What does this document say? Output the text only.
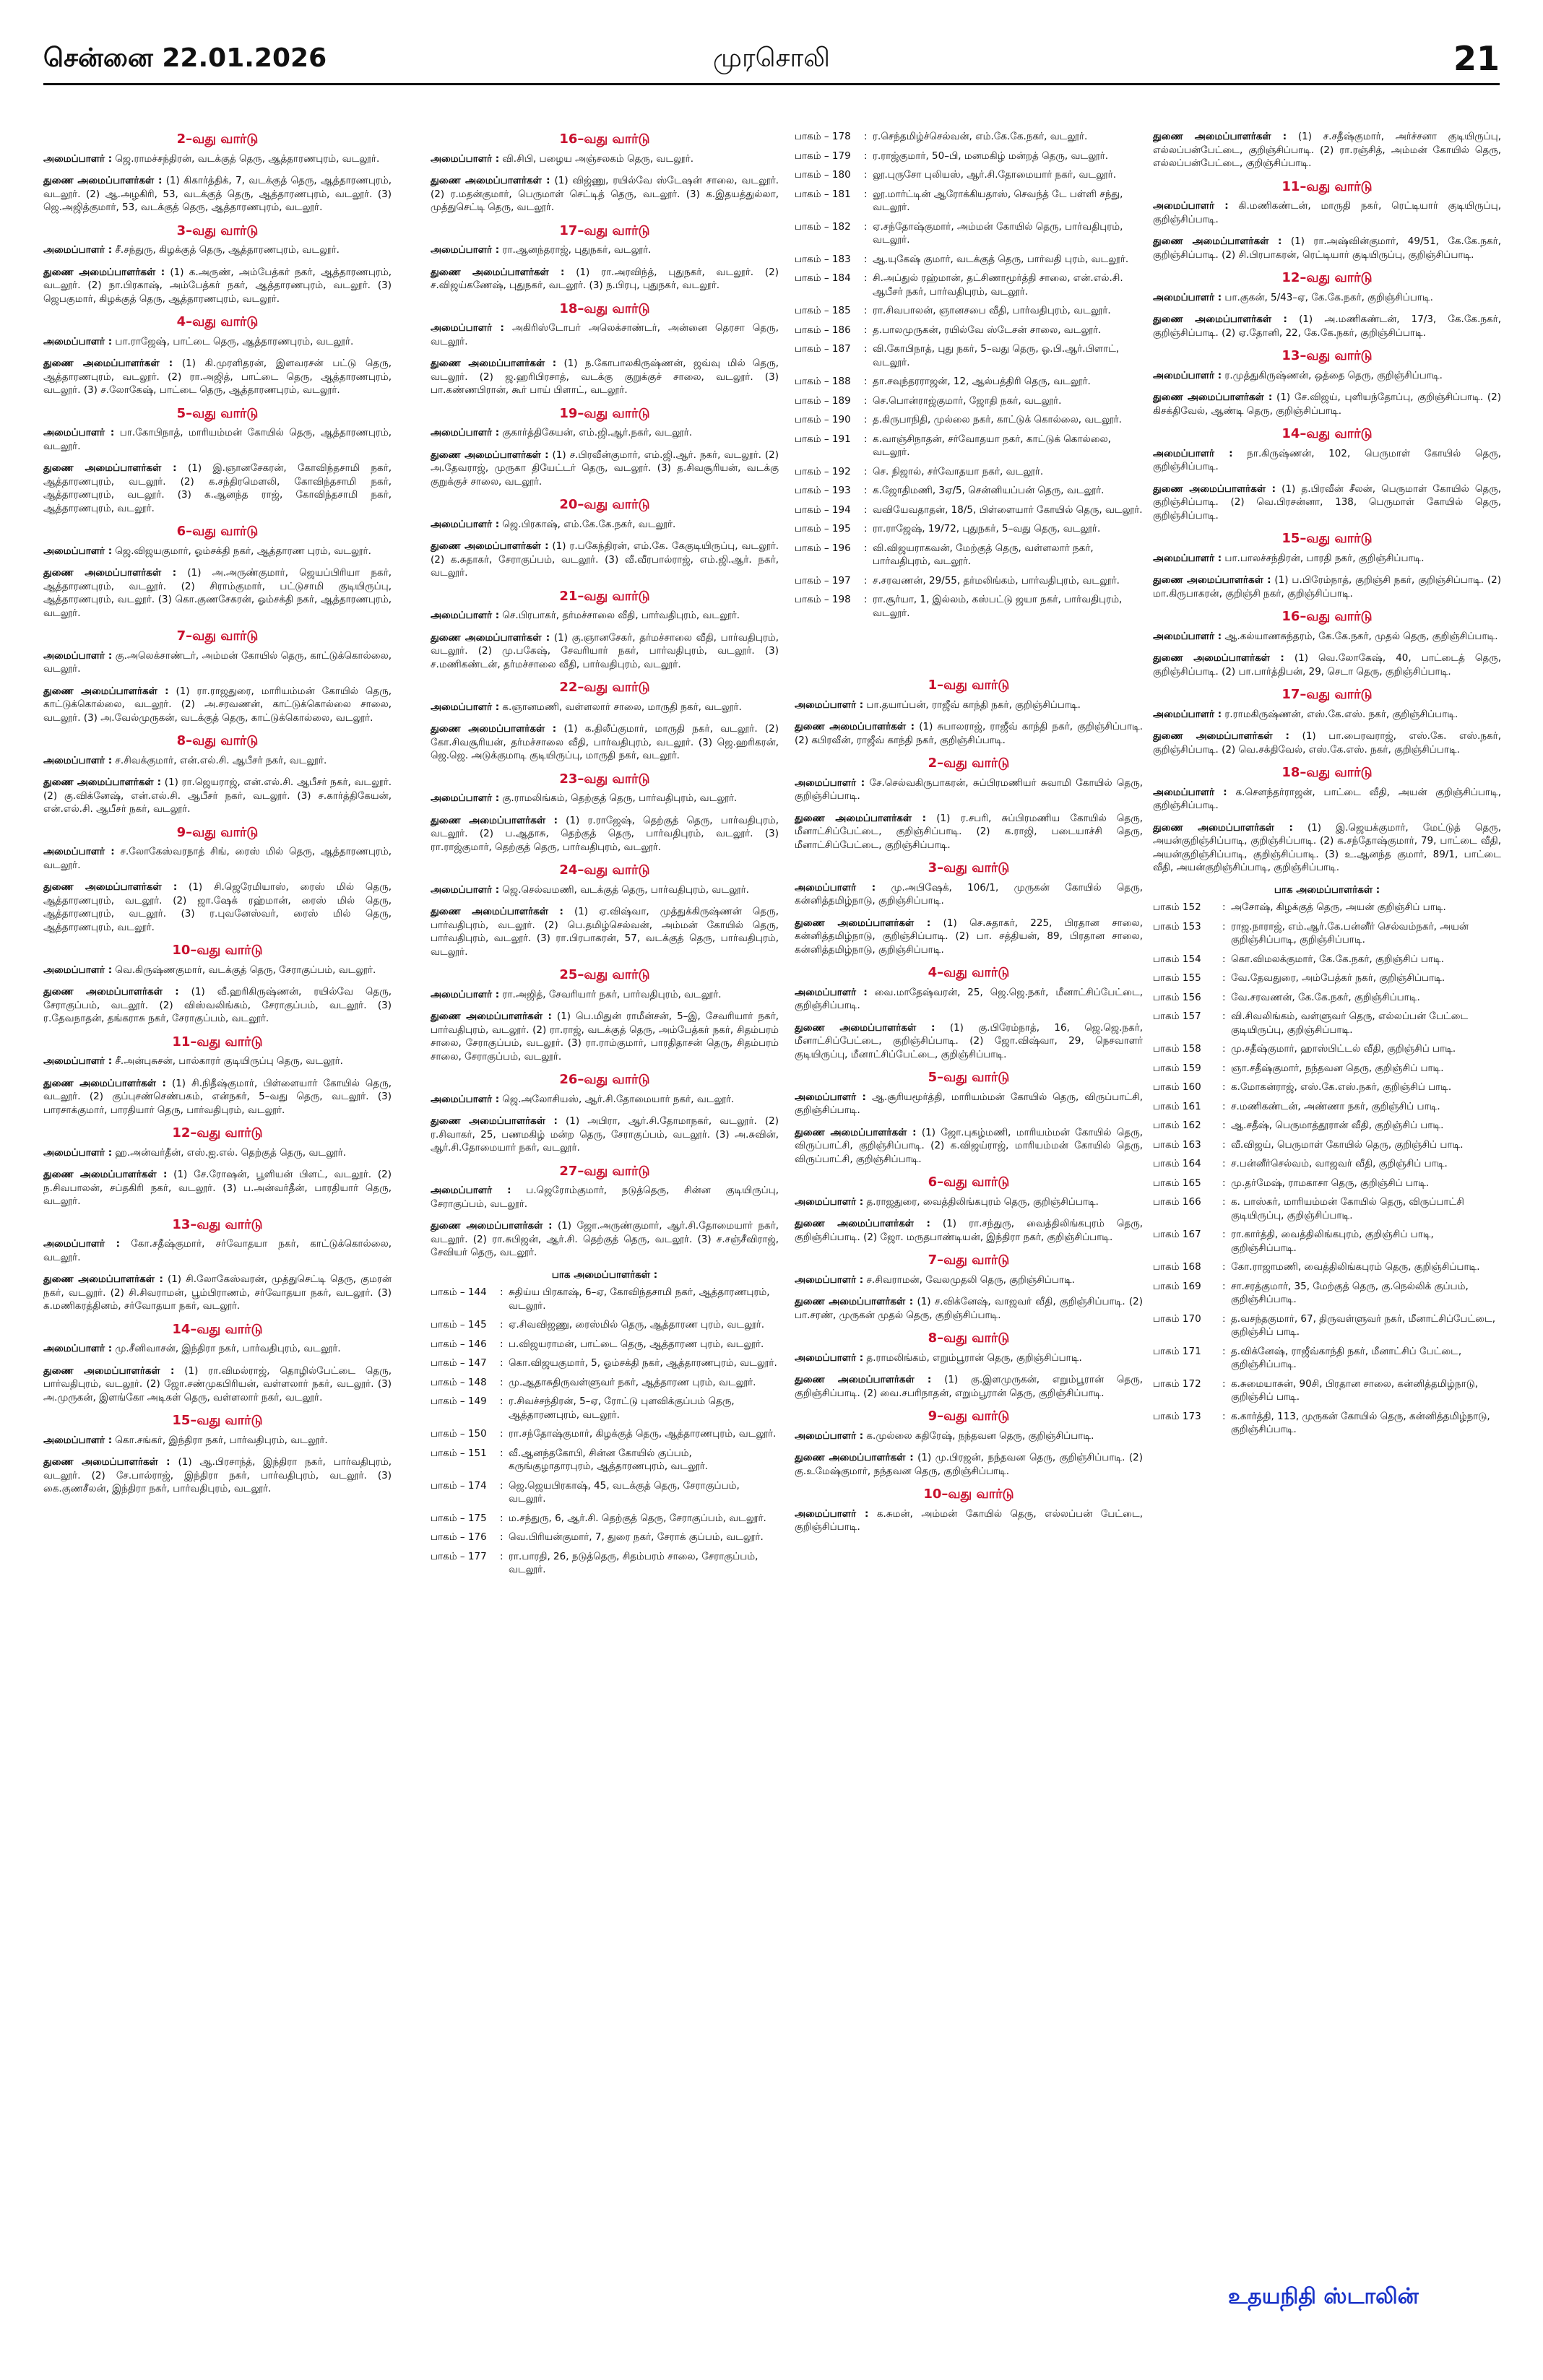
சென்னை 22.01.2026	முரசொலி	21
2–வது வார்டு
அமைப்பாளர் : ஜெ.ராமச்சந்திரன், வடக்குத் தெரு, ஆத்தாரணபுரம், வடலூர்.
துணை அமைப்பாளர்கள் : (1) கிகார்த்திக், 7, வடக்குத் தெரு, ஆத்தாரணபுரம், வடலூர். (2) ஆ.அழகிரி, 53, வடக்குத் தெரு, ஆத்தாரணபுரம், வடலூர். (3) ஜெ.அஜித்குமார், 53, வடக்குத் தெரு, ஆத்தாரணபுரம், வடலூர்.
3–வது வார்டு
அமைப்பாளர் : சீ.சந்துரு, கிழக்குத் தெரு, ஆத்தாரணபுரம், வடலூர்.
துணை அமைப்பாளர்கள் : (1) க.அருண், அம்பேத்கர் நகர், ஆத்தாரணபுரம், வடலூர். (2) நா.பிரகாஷ், அம்பேத்கர் நகர், ஆத்தாரணபுரம், வடலூர். (3) ஜெபகுமார், கிழக்குத் தெரு, ஆத்தாரணபுரம், வடலூர்.
4–வது வார்டு
அமைப்பாளர் : பா.ராஜேஷ், பாட்டை தெரு, ஆத்தாரணபுரம், வடலூர்.
துணை அமைப்பாளர்கள் : (1) கி.முரளிதரன், இளவரசன் பட்டு தெரு, ஆத்தாரணபுரம், வடலூர். (2) ரா.அஜித், பாட்டை தெரு, ஆத்தாரணபுரம், வடலூர். (3) ச.லோகேஷ், பாட்டை தெரு, ஆத்தாரணபுரம், வடலூர்.
5–வது வார்டு
அமைப்பாளர் : பா.கோபிநாத், மாரியம்மன் கோயில் தெரு, ஆத்தாரணபுரம், வடலூர்.
துணை அமைப்பாளர்கள் : (1) இ.ஞானசேகரன், கோவிந்தசாமி நகர், ஆத்தாரணபுரம், வடலூர். (2) க.சந்திரமௌலி, கோவிந்தசாமி நகர், ஆத்தாரணபுரம், வடலூர். (3) க.ஆனந்த ராஜ், கோவிந்தசாமி நகர், ஆத்தாரணபுரம், வடலூர்.
6–வது வார்டு
அமைப்பாளர் : ஜெ.விஜயகுமார், ஓம்சக்தி நகர், ஆத்தாரண புரம், வடலூர்.
துணை அமைப்பாளர்கள் : (1) அ.அருண்குமார், ஜெயப்பிரியா நகர், ஆத்தாரணபுரம், வடலூர். (2) சிராம்குமார், பட்டுசாமி குடியிருப்பு, ஆத்தாரணபுரம், வடலூர். (3) கொ.குணசேகரன், ஓம்சக்தி நகர், ஆத்தாரணபுரம், வடலூர்.
7–வது வார்டு
அமைப்பாளர் : கு.அலெக்சாண்டர், அம்மன் கோயில் தெரு, காட்டுக்கொல்லை, வடலூர்.
துணை அமைப்பாளர்கள் : (1) ரா.ராஜதுரை, மாரியம்மன் கோயில் தெரு, காட்டுக்கொல்லை, வடலூர். (2) அ.சரவணன், காட்டுக்கொல்லை சாலை, வடலூர். (3) அ.வேல்முருகன், வடக்குத் தெரு, காட்டுக்கொல்லை, வடலூர்.
8–வது வார்டு
அமைப்பாளர் : ச.சிவக்குமார், என்.எல்.சி. ஆபீசர் நகர், வடலூர்.
துணை அமைப்பாளர்கள் : (1) ரா.ஜெயராஜ், என்.எல்.சி. ஆபீசர் நகர், வடலூர். (2) கு.விக்னேஷ், என்.எல்.சி. ஆபீசர் நகர், வடலூர். (3) ச.கார்த்திகேயன், என்.எல்.சி. ஆபீசர் நகர், வடலூர்.
9–வது வார்டு
அமைப்பாளர் : ச.லோகேஸ்வரநாத் சிங், ரைஸ் மில் தெரு, ஆத்தாரணபுரம், வடலூர்.
துணை அமைப்பாளர்கள் : (1) சி.ஜெரேமியாஸ், ரைஸ் மில் தெரு, ஆத்தாரணபுரம், வடலூர். (2) ஜா.ஷேக் ரஹ்மான், ரைஸ் மில் தெரு, ஆத்தாரணபுரம், வடலூர். (3) ர.புவனேஸ்வர், ரைஸ் மில் தெரு, ஆத்தாரணபுரம், வடலூர்.
10–வது வார்டு
அமைப்பாளர் : வெ.கிருஷ்ணகுமார், வடக்குத் தெரு, சேராகுப்பம், வடலூர்.
துணை அமைப்பாளர்கள் : (1) வீ.ஹரிகிருஷ்ணன், ரயில்வே தெரு, சேராகுப்பம், வடலூர். (2) விஸ்வலிங்கம், சேராகுப்பம், வடலூர். (3) ர.தேவநாதன், தங்கராசு நகர், சேராகுப்பம், வடலூர்.
11–வது வார்டு
அமைப்பாளர் : சீ.அன்புசுசன், பால்காரர் குடியிருப்பு தெரு, வடலூர்.
துணை அமைப்பாளர்கள் : (1) சி.நிதீஷ்குமார், பிள்ளையார் கோயில் தெரு, வடலூர். (2) குப்புசண்செண்பகம், என்நகர், 5–வது தெரு, வடலூர். (3) பாரசாக்குமார், பாரதியார் தெரு, பார்வதிபுரம், வடலூர்.
12–வது வார்டு
அமைப்பாளர் : ஹ.அன்வர்தீன், எஸ்.ஐ.எல். தெற்குத் தெரு, வடலூர்.
துணை அமைப்பாளர்கள் : (1) சே.ரோஷன், பூளியன் பிளட், வடலூர். (2) ந.சிவபாலன், சப்தகிரி நகர், வடலூர். (3) ப.அன்வர்தீன், பாரதியார் தெரு, வடலூர்.
13–வது வார்டு
அமைப்பாளர் : கோ.சதீஷ்குமார், சர்வோதயா நகர், காட்டுக்கொல்லை, வடலூர்.
துணை அமைப்பாளர்கள் : (1) சி.லோகேஸ்வரன், முத்துசெட்டி தெரு, குமரன் நகர், வடலூர். (2) சி.சிவராமன், பூம்பிராணம், சர்வோதயா நகர், வடலூர். (3) க.மணிகரத்தினம், சர்வோதயா நகர், வடலூர்.
14–வது வார்டு
அமைப்பாளர் : மு.சீனிவாசன், இந்திரா நகர், பார்வதிபுரம், வடலூர்.
துணை அமைப்பாளர்கள் : (1) ரா.விமல்ராஜ், தொழில்பேட்டை தெரு, பார்வதிபுரம், வடலூர். (2) ஜோ.சண்முகபிரியன், வள்ளலார் நகர், வடலூர். (3) அ.முருகன், இளங்கோ அடிகள் தெரு, வள்ளலார் நகர், வடலூர்.
15–வது வார்டு
அமைப்பாளர் : கொ.சங்கர், இந்திரா நகர், பார்வதிபுரம், வடலூர்.
துணை அமைப்பாளர்கள் : (1) ஆ.பிரசாந்த், இந்திரா நகர், பார்வதிபுரம், வடலூர். (2) சே.பால்ராஜ், இந்திரா நகர், பார்வதிபுரம், வடலூர். (3) கை.குணசீலன், இந்திரா நகர், பார்வதிபுரம், வடலூர்.
16–வது வார்டு
அமைப்பாளர் : வி.சிபி, பழைய அஞ்சலகம் தெரு, வடலூர்.
துணை அமைப்பாளர்கள் : (1) விஜ்ணு, ரயில்வே ஸ்டேஷன் சாலை, வடலூர். (2) ர.மதன்குமார், பெருமாள் செட்டித் தெரு, வடலூர். (3) க.இதயத்துல்லா, முத்துசெட்டி தெரு, வடலூர்.
17–வது வார்டு
அமைப்பாளர் : ரா.ஆனந்தராஜ், புதுநகர், வடலூர்.
துணை அமைப்பாளர்கள் : (1) ரா.அரவிந்த், புதுநகர், வடலூர். (2) ச.விஜய்கணேஷ், புதுநகர், வடலூர். (3) ந.பிரபு, புதுநகர், வடலூர்.
18–வது வார்டு
அமைப்பாளர் : அகிரிஸ்டோபர் அலெக்சாண்டர், அன்னை தெரசா தெரு, வடலூர்.
துணை அமைப்பாளர்கள் : (1) ந.கோபாலகிருஷ்ணன், ஜவ்வு மில் தெரு, வடலூர். (2) ஜ.ஹரிபிரசாத், வடக்கு குறுக்குச் சாலை, வடலூர். (3) பா.கண்ணபிரான், கூர் பாய் பிளாட், வடலூர்.
19–வது வார்டு
அமைப்பாளர் : குகார்த்திகேயன், எம்.ஜி.ஆர்.நகர், வடலூர்.
துணை அமைப்பாளர்கள் : (1) ச.பிரவீன்குமார், எம்.ஜி.ஆர். நகர், வடலூர். (2) அ.தேவராஜ், முருகா தியேட்டர் தெரு, வடலூர். (3) த.சிவசூரியன், வடக்கு குறுக்குச் சாலை, வடலூர்.
20–வது வார்டு
அமைப்பாளர் : ஜெ.பிரகாஷ், எம்.கே.கே.நகர், வடலூர்.
துணை அமைப்பாளர்கள் : (1) ர.பகேந்திரன், எம்.கே. கேகுடியிருப்பு, வடலூர். (2) க.சுதாகர், சேராகுப்பம், வடலூர். (3) வீ.வீரபால்ராஜ், எம்.ஜி.ஆர். நகர், வடலூர்.
21–வது வார்டு
அமைப்பாளர் : செ.பிரபாகர், தர்மச்சாலை வீதி, பார்வதிபுரம், வடலூர்.
துணை அமைப்பாளர்கள் : (1) கு.ஞானசேகர், தர்மச்சாலை வீதி, பார்வதிபுரம், வடலூர். (2) மு.பகேஷ், சேவரியார் நகர், பார்வதிபுரம், வடலூர். (3) ச.மணிகண்டன், தர்மச்சாலை வீதி, பார்வதிபுரம், வடலூர்.
22–வது வார்டு
அமைப்பாளர் : க.ஞானமணி, வள்ளலார் சாலை, மாருதி நகர், வடலூர்.
துணை அமைப்பாளர்கள் : (1) க.திலீப்குமார், மாருதி நகர், வடலூர். (2) கோ.சிவசூரியன், தர்மச்சாலை வீதி, பார்வதிபுரம், வடலூர். (3) ஜெ.ஹரிகரன், ஜெ.ஜெ. அடுக்குமாடி குடியிருப்பு, மாருதி நகர், வடலூர்.
23–வது வார்டு
அமைப்பாளர் : கு.ராமலிங்கம், தெற்குத் தெரு, பார்வதிபுரம், வடலூர்.
துணை அமைப்பாளர்கள் : (1) ர.ராஜேஷ், தெற்குத் தெரு, பார்வதிபுரம், வடலூர். (2) ப.ஆதாசு, தெற்குத் தெரு, பார்வதிபுரம், வடலூர். (3) ரா.ராஜ்குமார், தெற்குத் தெரு, பார்வதிபுரம், வடலூர்.
24–வது வார்டு
அமைப்பாளர் : ஜெ.செல்வமணி, வடக்குத் தெரு, பார்வதிபுரம், வடலூர்.
துணை அமைப்பாளர்கள் : (1) ஏ.விஷ்வா, முத்துக்கிருஷ்ணன் தெரு, பார்வதிபுரம், வடலூர். (2) பெ.தமிழ்செல்வன், அம்மன் கோயில் தெரு, பார்வதிபுரம், வடலூர். (3) ரா.பிரபாகரன், 57, வடக்குத் தெரு, பார்வதிபுரம், வடலூர்.
25–வது வார்டு
அமைப்பாளர் : ரா.அஜித், சேவரியார் நகர், பார்வதிபுரம், வடலூர்.
துணை அமைப்பாளர்கள் : (1) பெ.மிதுன் ராமீன்சன், 5–இ, சேவரியார் நகர், பார்வதிபுரம், வடலூர். (2) ரா.ராஜ், வடக்குத் தெரு, அம்பேத்கர் நகர், சிதம்பரம் சாலை, சேராகுப்பம், வடலூர். (3) ரா.ராம்குமார், பாரதிதாசன் தெரு, சிதம்பரம் சாலை, சேராகுப்பம், வடலூர்.
26–வது வார்டு
அமைப்பாளர் : ஜெ.அலோசியஸ், ஆர்.சி.தோமையார் நகர், வடலூர்.
துணை அமைப்பாளர்கள் : (1) அபிரா, ஆர்.சி.தோமாநகர், வடலூர். (2) ர.சிவாகர், 25, பணமகிழ் மன்ற தெரு, சேராகுப்பம், வடலூர். (3) அ.சுவின், ஆர்.சி.தோமையார் நகர், வடலூர்.
27–வது வார்டு
அமைப்பாளர் : ப.ஜெரோம்குமார், நடுத்தெரு, சின்ன குடியிருப்பு, சேராகுப்பம், வடலூர்.
துணை அமைப்பாளர்கள் : (1) ஜோ.அருண்குமார், ஆர்.சி.தோமையார் நகர், வடலூர். (2) ரா.சுபிஜன், ஆர்.சி. தெற்குத் தெரு, வடலூர். (3) ச.சஞ்சீவிராஜ், சேவியர் தெரு, வடலூர்.
பாக அமைப்பாளர்கள் :
பாகம் – 144	: சுதிய்ய பிரகாஷ், 6–ஏ, கோவிந்தசாமி நகர், ஆத்தாரணபுரம், வடலூர்.
பாகம் – 145	: ஏ.சிவவிஜணு, ரைஸ்மில் தெரு, ஆத்தாரண புரம், வடலூர்.
பாகம் – 146	: ப.விஜயராமன், பாட்டை தெரு, ஆத்தாரண புரம், வடலூர்.
பாகம் – 147	: கொ.விஜயகுமார், 5, ஓம்சக்தி நகர், ஆத்தாரணபுரம், வடலூர்.
பாகம் – 148	: மு.ஆதாசுதிருவள்ளுவர் நகர், ஆத்தாரண புரம், வடலூர்.
பாகம் – 149	: ர.சிவச்சந்திரன், 5–ஏ, ரோட்டு புளவிக்குப்பம் தெரு, ஆத்தாரணபுரம், வடலூர்.
பாகம் – 150	: ரா.சந்தோஷ்குமார், கிழக்குத் தெரு, ஆத்தாரணபுரம், வடலூர்.
பாகம் – 151	: வீ.ஆனந்தகோபி, சின்ன கோயில் குப்பம், கருங்குழாதாரபுரம், ஆத்தாரணபுரம், வடலூர்.
பாகம் – 174	: ஜெ.ஜெயபிரகாஷ், 45, வடக்குத் தெரு, சேராகுப்பம், வடலூர்.
பாகம் – 175	: ம.சந்துரு, 6, ஆர்.சி. தெற்குத் தெரு, சேராகுப்பம், வடலூர்.
பாகம் – 176	: வெ.பிரியன்குமார், 7, துரை நகர், சேராக் குப்பம், வடலூர்.
பாகம் – 177	: ரா.பாரதி, 26, நடுத்தெரு, சிதம்பரம் சாலை, சேராகுப்பம், வடலூர்.
பாகம் – 178	: ர.செந்தமிழ்ச்செல்வன், எம்.கே.கே.நகர், வடலூர்.
பாகம் – 179	: ர.ராஜ்குமார், 50–பி, மனமகிழ் மன்றத் தெரு, வடலூர்.
பாகம் – 180	: லூ.புருசோ புலியஸ், ஆர்.சி.தோமையார் நகர், வடலூர்.
பாகம் – 181	: லூ.மார்ட்டின் ஆரோக்கியதாஸ், செவந்த் டே பள்ளி சந்து, வடலூர்.
பாகம் – 182	: ஏ.சந்தோஷ்குமார், அம்மன் கோயில் தெரு, பார்வதிபுரம், வடலூர்.
பாகம் – 183	: ஆ.யுகேஷ் குமார், வடக்குத் தெரு, பார்வதி புரம், வடலூர்.
பாகம் – 184	: சி.அப்துல் ரஹ்மான், தட்சிணாமூர்த்தி சாலை, என்.எல்.சி. ஆபீசர் நகர், பார்வதிபுரம், வடலூர்.
பாகம் – 185	: ரா.சிவபாலன், ஞானசபை வீதி, பார்வதிபுரம், வடலூர்.
பாகம் – 186	: த.பாலமுருகன், ரயில்வே ஸ்டேசன் சாலை, வடலூர்.
பாகம் – 187	: வி.கோபிநாத், புது நகர், 5–வது தெரு, ஓ.பி.ஆர்.பிளாட், வடலூர்.
பாகம் – 188	: தா.சவுந்தரராஜன், 12, ஆல்பத்திரி தெரு, வடலூர்.
பாகம் – 189	: செ.பொன்ராஜ்குமார், ஜோதி நகர், வடலூர்.
பாகம் – 190	: த.கிருபாநிதி, முல்லை நகர், காட்டுக் கொல்லை, வடலூர்.
பாகம் – 191	: க.வாஞ்சிநாதன், சர்வோதயா நகர், காட்டுக் கொல்லை, வடலூர்.
பாகம் – 192	: செ. நிஜால், சர்வோதயா நகர், வடலூர்.
பாகம் – 193	: க.ஜோதிமணி, 3ஏ/5, சென்னியப்பன் தெரு, வடலூர்.
பாகம் – 194	: வவியேவதாதன், 18/5, பிள்ளையார் கோயில் தெரு, வடலூர்.
பாகம் – 195	: ரா.ராஜேஷ், 19/72, புதுநகர், 5–வது தெரு, வடலூர்.
பாகம் – 196	: வி.விஜயராகவன், மேற்குத் தெரு, வள்ளலார் நகர், பார்வதிபுரம், வடலூர்.
பாகம் – 197	: ச.சரவணன், 29/55, தர்மலிங்கம், பார்வதிபுரம், வடலூர்.
பாகம் – 198	: ரா.சூர்யா, 1, இல்லம், கஸ்பட்டு ஜயா நகர், பார்வதிபுரம், வடலூர்.
1–வது வார்டு
அமைப்பாளர் : பா.தயாப்பன், ராஜீவ் காந்தி நகர், குறிஞ்சிப்பாடி.
துணை அமைப்பாளர்கள் : (1) சுபாலராஜ், ராஜீவ் காந்தி நகர், குறிஞ்சிப்பாடி. (2) கபிரவீன், ராஜீவ் காந்தி நகர், குறிஞ்சிப்பாடி.
2–வது வார்டு
அமைப்பாளர் : சே.செல்வகிருபாகரன், சுப்பிரமணியர் சுவாமி கோயில் தெரு, குறிஞ்சிப்பாடி.
துணை அமைப்பாளர்கள் : (1) ர.சபரி, சுப்பிரமணிய கோயில் தெரு, மீனாட்சிப்பேட்டை, குறிஞ்சிப்பாடி. (2) க.ராஜி, படையாச்சி தெரு, மீனாட்சிப்பேட்டை, குறிஞ்சிப்பாடி.
3–வது வார்டு
அமைப்பாளர் : மு.அபிஷேக், 106/1, முருகன் கோயில் தெரு, கன்னித்தமிழ்நாடு, குறிஞ்சிப்பாடி.
துணை அமைப்பாளர்கள் : (1) செ.சுதாகர், 225, பிரதான சாலை, கன்னித்தமிழ்நாடு, குறிஞ்சிப்பாடி. (2) பா. சத்தியன், 89, பிரதான சாலை, கன்னித்தமிழ்நாடு, குறிஞ்சிப்பாடி.
4–வது வார்டு
அமைப்பாளர் : வை.மாதேஷ்வரன், 25, ஜெ.ஜெ.நகர், மீனாட்சிப்பேட்டை, குறிஞ்சிப்பாடி.
துணை அமைப்பாளர்கள் : (1) கு.பிரேம்நாத், 16, ஜெ.ஜெ.நகர், மீனாட்சிப்பேட்டை, குறிஞ்சிப்பாடி. (2) ஜோ.விஷ்வா, 29, நெசவாளர் குடியிருப்பு, மீனாட்சிப்பேட்டை, குறிஞ்சிப்பாடி.
5–வது வார்டு
அமைப்பாளர் : ஆ.சூரியமூர்த்தி, மாரியம்மன் கோயில் தெரு, விருப்பாட்சி, குறிஞ்சிப்பாடி.
துணை அமைப்பாளர்கள் : (1) ஜோ.புகழ்மணி, மாரியம்மன் கோயில் தெரு, விருப்பாட்சி, குறிஞ்சிப்பாடி. (2) க.விஜய்ராஜ், மாரியம்மன் கோயில் தெரு, விருப்பாட்சி, குறிஞ்சிப்பாடி.
6–வது வார்டு
அமைப்பாளர் : த.ராஜதுரை, வைத்திலிங்கபுரம் தெரு, குறிஞ்சிப்பாடி.
துணை அமைப்பாளர்கள் : (1) ரா.சந்துரு, வைத்திலிங்கபுரம் தெரு, குறிஞ்சிப்பாடி. (2) ஜோ. மருதபாண்டியன், இந்திரா நகர், குறிஞ்சிப்பாடி.
7–வது வார்டு
அமைப்பாளர் : ச.சிவராமன், வேலமுதலி தெரு, குறிஞ்சிப்பாடி.
துணை அமைப்பாளர்கள் : (1) ச.விக்னேஷ், வாஜவர் வீதி, குறிஞ்சிப்பாடி. (2) பா.சரண், முருகன் முதல் தெரு, குறிஞ்சிப்பாடி.
8–வது வார்டு
அமைப்பாளர் : த.ராமலிங்கம், எறும்பூரான் தெரு, குறிஞ்சிப்பாடி.
துணை அமைப்பாளர்கள் : (1) கு.இளமுருகன், எறும்பூரான் தெரு, குறிஞ்சிப்பாடி. (2) வை.சபரிநாதன், எறும்பூரான் தெரு, குறிஞ்சிப்பாடி.
9–வது வார்டு
அமைப்பாளர் : க.முல்லை கதிரேஷ், நந்தவன தெரு, குறிஞ்சிப்பாடி.
துணை அமைப்பாளர்கள் : (1) மு.பிரஜன், நந்தவன தெரு, குறிஞ்சிப்பாடி. (2) கு.உமேஷ்குமார், நந்தவன தெரு, குறிஞ்சிப்பாடி.
10–வது வார்டு
அமைப்பாளர் : க.சுமன், அம்மன் கோயில் தெரு, எல்லப்பன் பேட்டை, குறிஞ்சிப்பாடி.
துணை அமைப்பாளர்கள் : (1) ச.சதீஷ்குமார், அர்ச்சனா குடியிருப்பு, எல்லப்பன்பேட்டை, குறிஞ்சிப்பாடி. (2) ரா.ரஞ்சித், அம்மன் கோயில் தெரு, எல்லப்பன்பேட்டை, குறிஞ்சிப்பாடி.
11–வது வார்டு
அமைப்பாளர் : கி.மணிகண்டன், மாருதி நகர், ரெட்டியார் குடியிருப்பு, குறிஞ்சிப்பாடி.
துணை அமைப்பாளர்கள் : (1) ரா.அஷ்வின்குமார், 49/51, கே.கே.நகர், குறிஞ்சிப்பாடி. (2) சி.பிரபாகரன், ரெட்டியார் குடியிருப்பு, குறிஞ்சிப்பாடி.
12–வது வார்டு
அமைப்பாளர் : பா.குகன், 5/43–ஏ, கே.கே.நகர், குறிஞ்சிப்பாடி.
துணை அமைப்பாளர்கள் : (1) அ.மணிகண்டன், 17/3, கே.கே.நகர், குறிஞ்சிப்பாடி. (2) ஏ.தோனி, 22, கே.கே.நகர், குறிஞ்சிப்பாடி.
13–வது வார்டு
அமைப்பாளர் : ர.முத்துகிருஷ்ணன், ஒத்தை தெரு, குறிஞ்சிப்பாடி.
துணை அமைப்பாளர்கள் : (1) சே.விஜய், புளியந்தோப்பு, குறிஞ்சிப்பாடி. (2) கிசக்திவேல், ஆண்டி தெரு, குறிஞ்சிப்பாடி.
14–வது வார்டு
அமைப்பாளர் : நா.கிருஷ்ணன், 102, பெருமாள் கோயில் தெரு, குறிஞ்சிப்பாடி.
துணை அமைப்பாளர்கள் : (1) த.பிரவீன் சீலன், பெருமாள் கோயில் தெரு, குறிஞ்சிப்பாடி. (2) வெ.பிரசன்னா, 138, பெருமாள் கோயில் தெரு, குறிஞ்சிப்பாடி.
15–வது வார்டு
அமைப்பாளர் : பா.பாலச்சந்திரன், பாரதி நகர், குறிஞ்சிப்பாடி.
துணை அமைப்பாளர்கள் : (1) ப.பிரேம்நாத், குறிஞ்சி நகர், குறிஞ்சிப்பாடி. (2) மா.கிருபாகரன், குறிஞ்சி நகர், குறிஞ்சிப்பாடி.
16–வது வார்டு
அமைப்பாளர் : ஆ.கல்யாணசுந்தரம், கே.கே.நகர், முதல் தெரு, குறிஞ்சிப்பாடி.
துணை அமைப்பாளர்கள் : (1) வெ.லோகேஷ், 40, பாட்டைத் தெரு, குறிஞ்சிப்பாடி. (2) பா.பார்த்திபன், 29, செடா தெரு, குறிஞ்சிப்பாடி.
17–வது வார்டு
அமைப்பாளர் : ர.ராமகிருஷ்ணன், எஸ்.கே.எஸ். நகர், குறிஞ்சிப்பாடி.
துணை அமைப்பாளர்கள் : (1) பா.பைரவராஜ், எஸ்.கே. எஸ்.நகர், குறிஞ்சிப்பாடி. (2) வெ.சக்திவேல், எஸ்.கே.எஸ். நகர், குறிஞ்சிப்பாடி.
18–வது வார்டு
அமைப்பாளர் : க.சௌந்தர்ராஜன், பாட்டை வீதி, அயன் குறிஞ்சிப்பாடி, குறிஞ்சிப்பாடி.
துணை அமைப்பாளர்கள் : (1) இ.ஜெயக்குமார், மேட்டுத் தெரு, அயன்குறிஞ்சிப்பாடி, குறிஞ்சிப்பாடி. (2) க.சந்தோஷ்குமார், 79, பாட்டை வீதி, அயன்குறிஞ்சிப்பாடி, குறிஞ்சிப்பாடி. (3) உ.ஆனந்த குமார், 89/1, பாட்டை வீதி, அயன்குறிஞ்சிப்பாடி, குறிஞ்சிப்பாடி.
பாக அமைப்பாளர்கள் :
பாகம் 152	: அசோஷ், கிழக்குத் தெரு, அயன் குறிஞ்சிப் பாடி.
பாகம் 153	: ராஜ.நாராஜ், எம்.ஆர்.கே.பன்னீர் செல்வம்நகர், அயன் குறிஞ்சிப்பாடி, குறிஞ்சிப்பாடி.
பாகம் 154	: கொ.விமலக்குமார், கே.கே.நகர், குறிஞ்சிப் பாடி.
பாகம் 155	: வே.தேவதுரை, அம்பேத்கர் நகர், குறிஞ்சிப்பாடி.
பாகம் 156	: வே.சரவணன், கே.கே.நகர், குறிஞ்சிப்பாடி.
பாகம் 157	: வி.சிவலிங்கம், வள்ளுவர் தெரு, எல்லப்பன் பேட்டை குடியிருப்பு, குறிஞ்சிப்பாடி.
பாகம் 158	: மு.சதீஷ்குமார், ஹாஸ்பிட்டல் வீதி, குறிஞ்சிப் பாடி.
பாகம் 159	: ஞா.சதீஷ்குமார், நந்தவன தெரு, குறிஞ்சிப் பாடி.
பாகம் 160	: க.மோகன்ராஜ், எஸ்.கே.எஸ்.நகர், குறிஞ்சிப் பாடி.
பாகம் 161	: ச.மணிகண்டன், அண்ணா நகர், குறிஞ்சிப் பாடி.
பாகம் 162	: ஆ.சதீஷ், பெருமாத்தூரான் வீதி, குறிஞ்சிப் பாடி.
பாகம் 163	: வீ.விஜய், பெருமாள் கோயில் தெரு, குறிஞ்சிப் பாடி.
பாகம் 164	: ச.பன்னீர்செல்வம், வாஜவர் வீதி, குறிஞ்சிப் பாடி.
பாகம் 165	: மு.தர்மேஷ், ராமகாசா தெரு, குறிஞ்சிப் பாடி.
பாகம் 166	: க. பாஸ்கர், மாரியம்மன் கோயில் தெரு, விருப்பாட்சி குடியிருப்பு, குறிஞ்சிப்பாடி.
பாகம் 167	: ரா.கார்த்தி, வைத்திலிங்கபுரம், குறிஞ்சிப் பாடி, குறிஞ்சிப்பாடி.
பாகம் 168	: கோ.ராஜாமணி, வைத்திலிங்கபுரம் தெரு, குறிஞ்சிப்பாடி.
பாகம் 169	: சா.சரத்குமார், 35, மேற்குத் தெரு, கு.நெல்லிக் குப்பம், குறிஞ்சிப்பாடி.
பாகம் 170	: த.வசந்தகுமார், 67, திருவள்ளுவர் நகர், மீனாட்சிப்பேட்டை, குறிஞ்சிப் பாடி.
பாகம் 171	: த.விக்னேஷ், ராஜீவ்காந்தி நகர், மீனாட்சிப் பேட்டை, குறிஞ்சிப்பாடி.
பாகம் 172	: க.சுமையாசுன், 90சி, பிரதான சாலை, கன்னித்தமிழ்நாடு, குறிஞ்சிப் பாடி.
பாகம் 173	: க.கார்த்தி, 113, முருகன் கோயில் தெரு, கன்னித்தமிழ்நாடு, குறிஞ்சிப்பாடி.
உதயநிதி ஸ்டாலின்
